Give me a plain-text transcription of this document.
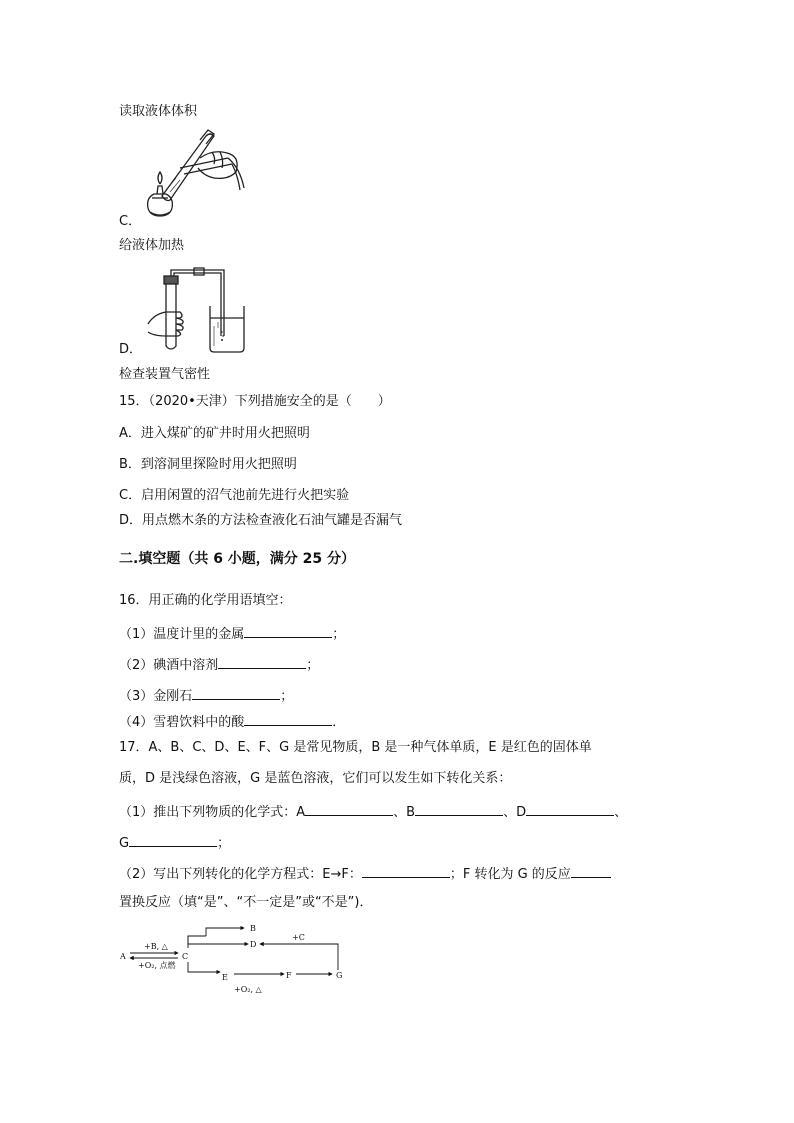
读取液体体积
C．
给液体加热
D．
检查装置气密性
15．（2020•天津）下列措施安全的是（　　）
A．进入煤矿的矿井时用火把照明
B．到溶洞里探险时用火把照明
C．启用闲置的沼气池前先进行火把实验
D．用点燃木条的方法检查液化石油气罐是否漏气
二.填空题（共 6 小题，满分 25 分）
16．用正确的化学用语填空：
（1）温度计里的金属	；
（2）碘酒中溶剂	；
（3）金刚石	；
（4）雪碧饮料中的酸	．
17．A、B、C、D、E、F、G 是常见物质，B 是一种气体单质，E 是红色的固体单
质，D 是浅绿色溶液，G 是蓝色溶液，它们可以发生如下转化关系：
（1）推出下列物质的化学式：A	、B	、D	、
G	；
（2）写出下列转化的化学方程式：E→F：	；F 转化为 G 的反应
置换反应（填“是”、“不一定是”或“不是”)．
A	C
B
D
E	F	G
+B, △
+O₂, 点燃
+C
+O₂, △
